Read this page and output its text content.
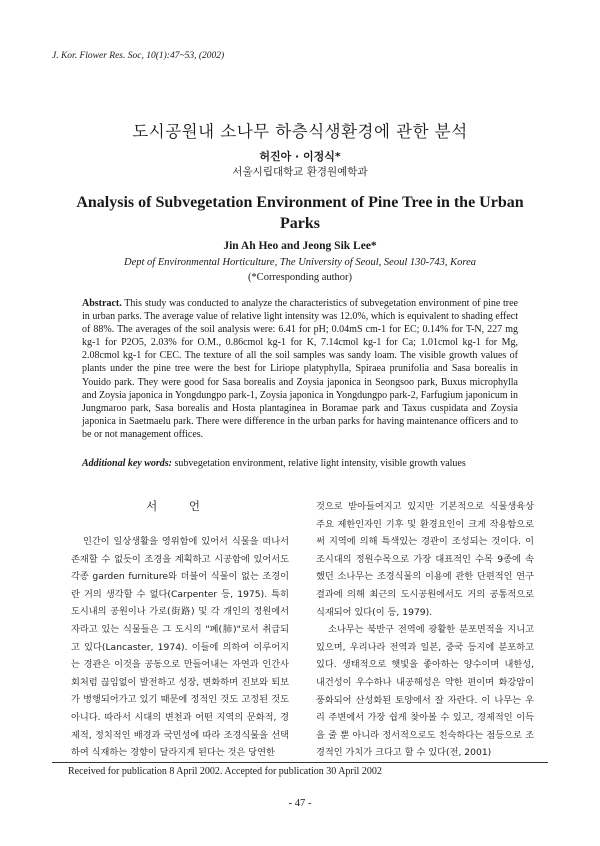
J. Kor. Flower Res. Soc, 10(1):47~53, (2002)
도시공원내 소나무 하층식생환경에 관한 분석
허진아 · 이정식*
서울시립대학교 환경원예학과
Analysis of Subvegetation Environment of Pine Tree in the Urban Parks
Jin Ah Heo and Jeong Sik Lee*
Dept of Environmental Horticulture, The University of Seoul, Seoul 130-743, Korea
(*Corresponding author)
Abstract. This study was conducted to analyze the characteristics of subvegetation environment of pine tree in urban parks. The average value of relative light intensity was 12.0%, which is equivalent to shading effect of 88%. The averages of the soil analysis were: 6.41 for pH; 0.04mS cm-1 for EC; 0.14% for T-N, 227 mg kg-1 for P2O5, 2.03% for O.M., 0.86cmol kg-1 for K, 7.14cmol kg-1 for Ca; 1.01cmol kg-1 for Mg, 2.08cmol kg-1 for CEC. The texture of all the soil samples was sandy loam. The visible growth values of plants under the pine tree were the best for Liriope platyphylla, Spiraea prunifolia and Sasa borealis in Youido park. They were good for Sasa borealis and Zoysia japonica in Seongsoo park, Buxus microphylla and Zoysia japonica in Yongdungpo park-1, Zoysia japonica in Yongdungpo park-2, Farfugium japonicum in Jungmaroo park, Sasa borealis and Hosta plantaginea in Boramae park and Taxus cuspidata and Zoysia japonica in Saetmaelu park. There were difference in the urban parks for having maintenance officers and to be or not management offices.
Additional key words: subvegetation environment, relative light intensity, visible growth values
서 언

인간이 일상생활을 영위함에 있어서 식물을 떠나서 존재할 수 없듯이 조경을 계획하고 시공함에 있어서도 각종 garden furniture와 더불어 식물이 없는 조경이란 거의 생각할 수 없다(Carpenter 등, 1975). 특히 도시내의 공원이나 가로(街路) 및 각 개인의 정원에서 자라고 있는 식물들은 그 도시의 "폐(肺)"로서 취급되고 있다(Lancaster, 1974). 이들에 의하여 이루어지는 경관은 이것을 공동으로 만들어내는 자연과 인간사회처럼 끊임없이 발전하고 성장, 변화하며 진보와 퇴보가 병행되어가고 있기 때문에 정적인 것도 고정된 것도 아니다. 따라서 시대의 변천과 어떤 지역의 문화적, 경제적, 정치적인 배경과 국민성에 따라 조경식물을 선택하여 식재하는 경향이 달라지게 된다는 것은 당연한

것으로 받아들여지고 있지만 기본적으로 식물생육상 주요 제한인자인 기후 및 환경요인이 크게 작용함으로써 지역에 의해 특색있는 경관이 조성되는 것이다. 이조시대의 정원수목으로 가장 대표적인 수목 9종에 속했던 소나무는 조경식물의 이용에 관한 단편적인 연구결과에 의해 최근의 도시공원에서도 거의 공통적으로 식재되어 있다(이 등, 1979).

소나무는 북반구 전역에 광활한 분포면적을 지니고 있으며, 우리나라 전역과 일본, 중국 등지에 분포하고 있다. 생태적으로 햇빛을 좋아하는 양수이며 내한성, 내건성이 우수하나 내공해성은 약한 편이며 화강암이 풍화되어 산성화된 토양에서 잘 자란다. 이 나무는 우리 주변에서 가장 쉽게 찾아볼 수 있고, 경제적인 이득을 줄 뿐 아니라 정서적으로도 친숙하다는 점등으로 조경적인 가치가 크다고 할 수 있다(전, 2001)

Received for publication 8 April 2002. Accepted for publication 30 April 2002
- 47 -
